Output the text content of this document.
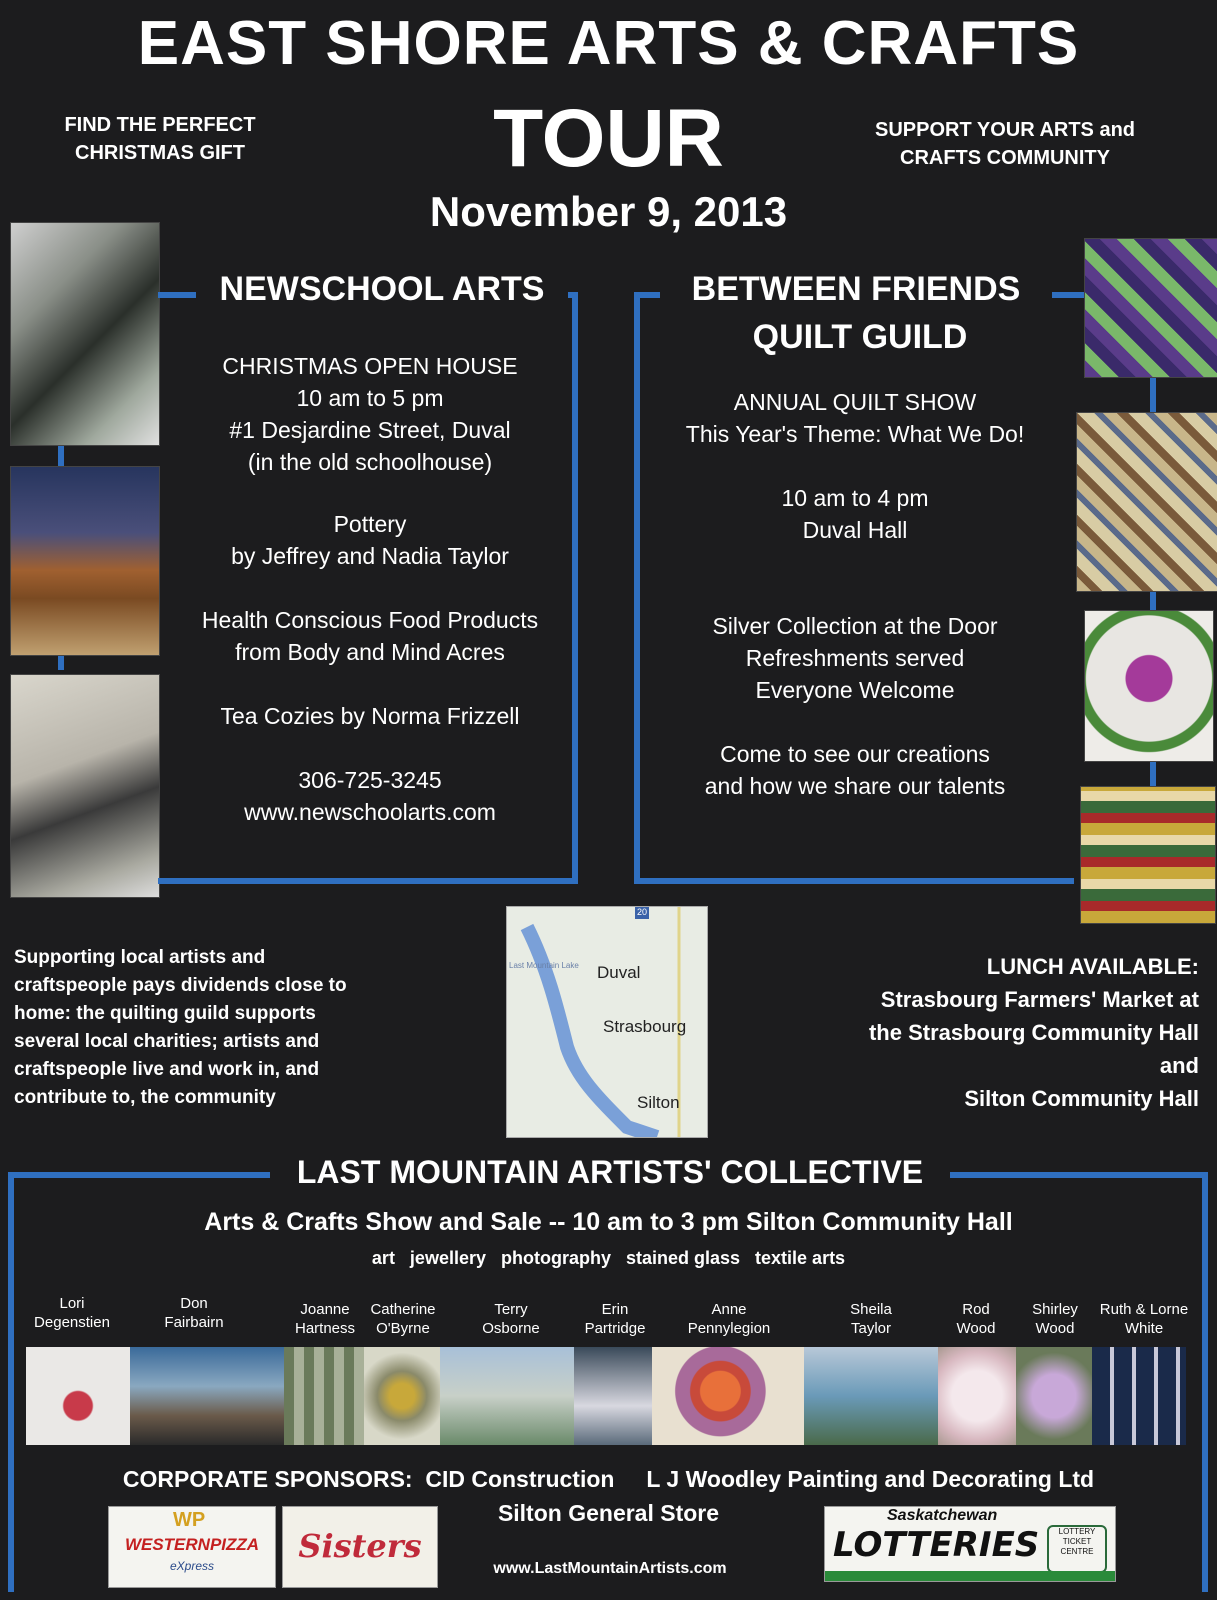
EAST SHORE ARTS & CRAFTS
TOUR
November 9, 2013
FIND THE PERFECT
CHRISTMAS GIFT
SUPPORT YOUR ARTS and
CRAFTS COMMUNITY
NEWSCHOOL ARTS
CHRISTMAS OPEN HOUSE
10 am to 5 pm
#1 Desjardine Street, Duval
(in the old schoolhouse)
Pottery
by Jeffrey and Nadia Taylor
Health Conscious Food Products
from Body and Mind Acres
Tea Cozies by Norma Frizzell
306-725-3245
www.newschoolarts.com
BETWEEN FRIENDS
QUILT GUILD
ANNUAL QUILT SHOW
This Year's Theme: What We Do!
10 am to 4 pm
Duval Hall
Silver Collection at the Door
Refreshments served
Everyone Welcome
Come to see our creations
and how we share our talents
Supporting local artists and
craftspeople pays dividends close to
home: the quilting guild supports
several local charities; artists and
craftspeople live and work in, and
contribute to, the community
20
Last Mountain Lake Duval
Strasbourg
Silton
LUNCH AVAILABLE:
Strasbourg Farmers' Market at
the Strasbourg Community Hall
and
Silton Community Hall
LAST MOUNTAIN ARTISTS' COLLECTIVE
Arts & Crafts Show and Sale -- 10 am to 3 pm Silton Community Hall
art   jewellery   photography   stained glass   textile arts
Lori
Degenstien
Don
Fairbairn
Joanne
Hartness
Catherine
O'Byrne
Terry
Osborne
Erin
Partridge
Anne
Pennylegion
Sheila
Taylor
Rod
Wood
Shirley
Wood
Ruth & Lorne
White
CORPORATE SPONSORS:  CID Construction     L J Woodley Painting and Decorating Ltd
Silton General Store
www.LastMountainArtists.com
WP
WESTERNPIZZA
eXpress
Sisters
Saskatchewan
LOTTERIES	LOTTERY TICKET CENTRE
